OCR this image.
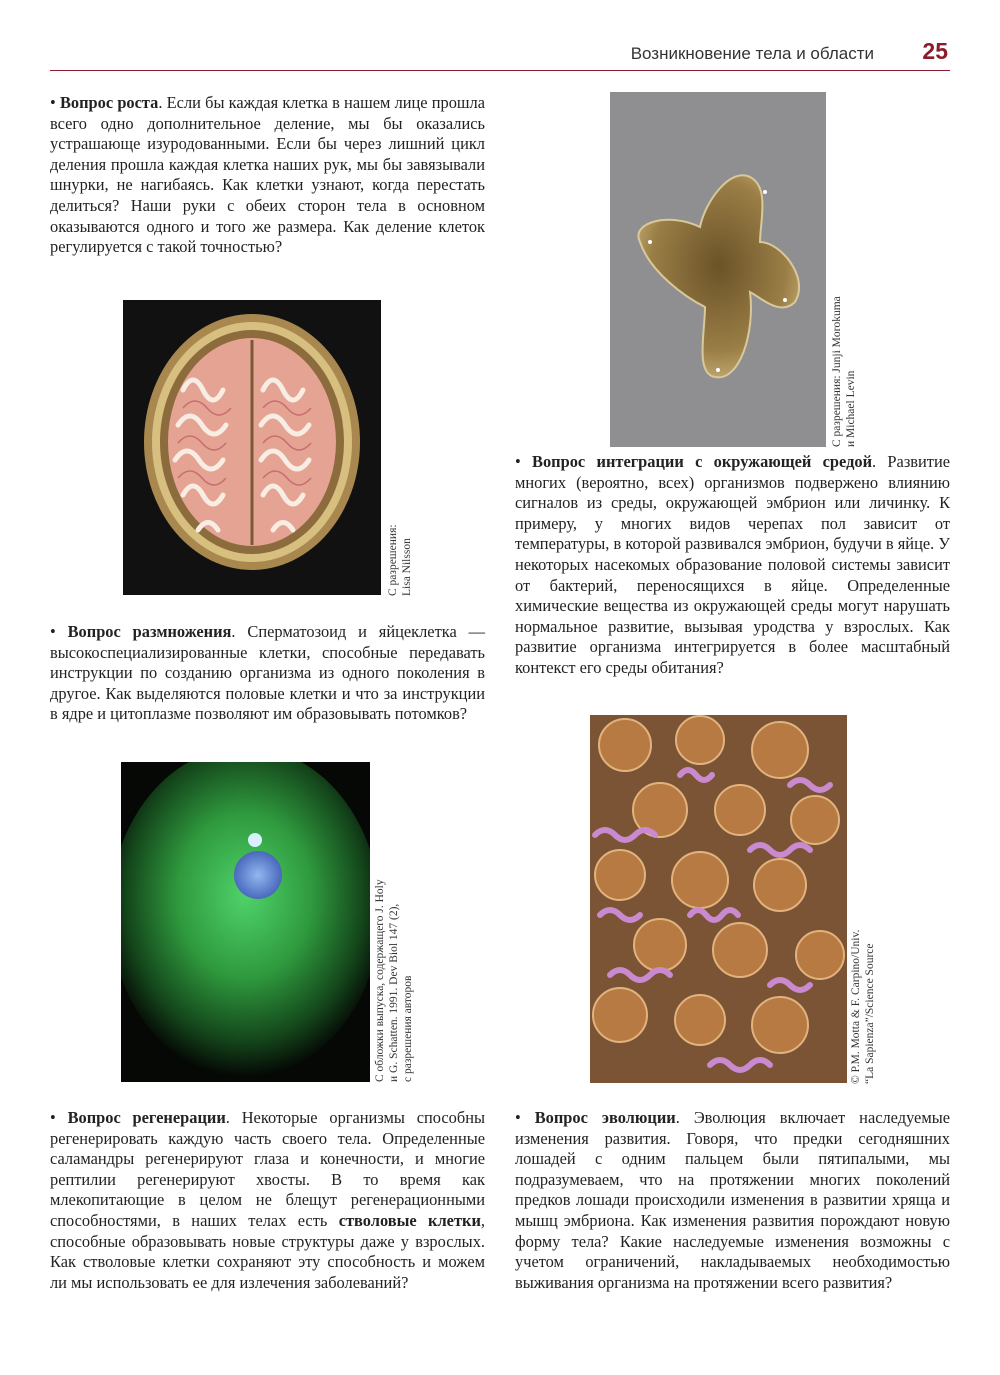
Возникновение тела и области 25

• Вопрос роста. Если бы каждая клетка в нашем лице прошла всего одно дополнительное деление, мы бы оказались устрашающе изуродованными. Если бы через лишний цикл деления прошла каждая клетка наших рук, мы бы завязывали шнурки, не нагибаясь. Как клетки узнают, когда перестать делиться? Наши руки с обеих сторон тела в основном оказываются одного и того же размера. Как деление клеток регулируется с такой точностью?

С разрешения: Lisa Nilsson

• Вопрос размножения. Сперматозоид и яйцеклетка — высокоспециализированные клетки, способные передавать инструкции по созданию организма из одного поколения в другое. Как выделяются половые клетки и что за инструкции в ядре и цитоплазме позволяют им образовывать потомков?

С обложки выпуска, содержащего J. Holy и G. Schatten. 1991. Dev Biol 147 (2), с разрешения авторов

• Вопрос регенерации. Некоторые организмы способны регенерировать каждую часть своего тела. Определенные саламандры регенерируют глаза и конечности, и многие рептилии регенерируют хвосты. В то время как млекопитающие в целом не блещут регенерационными способностями, в наших телах есть стволовые клетки, способные образовывать новые структуры даже у взрослых. Как стволовые клетки сохраняют эту способность и можем ли мы использовать ее для излечения заболеваний?

С разрешения: Junji Morokuma и Michael Levin

• Вопрос интеграции с окружающей средой. Развитие многих (вероятно, всех) организмов подвержено влиянию сигналов из среды, окружающей эмбрион или личинку. К примеру, у многих видов черепах пол зависит от температуры, в которой развивался эмбрион, будучи в яйце. У некоторых насекомых образование половой системы зависит от бактерий, переносящихся в яйце. Определенные химические вещества из окружающей среды могут нарушать нормальное развитие, вызывая уродства у взрослых. Как развитие организма интегрируется в более масштабный контекст его среды обитания?

© P.M. Motta & F. Carpino/Univ. “La Sapienza”/Science Source

• Вопрос эволюции. Эволюция включает наследуемые изменения развития. Говоря, что предки сегодняшних лошадей с одним пальцем были пятипалыми, мы подразумеваем, что на протяжении многих поколений предков лошади происходили изменения в развитии хряща и мышц эмбриона. Как изменения развития порождают новую форму тела? Какие наследуемые изменения возможны с учетом ограничений, накладываемых необходимостью выживания организма на протяжении всего развития?
